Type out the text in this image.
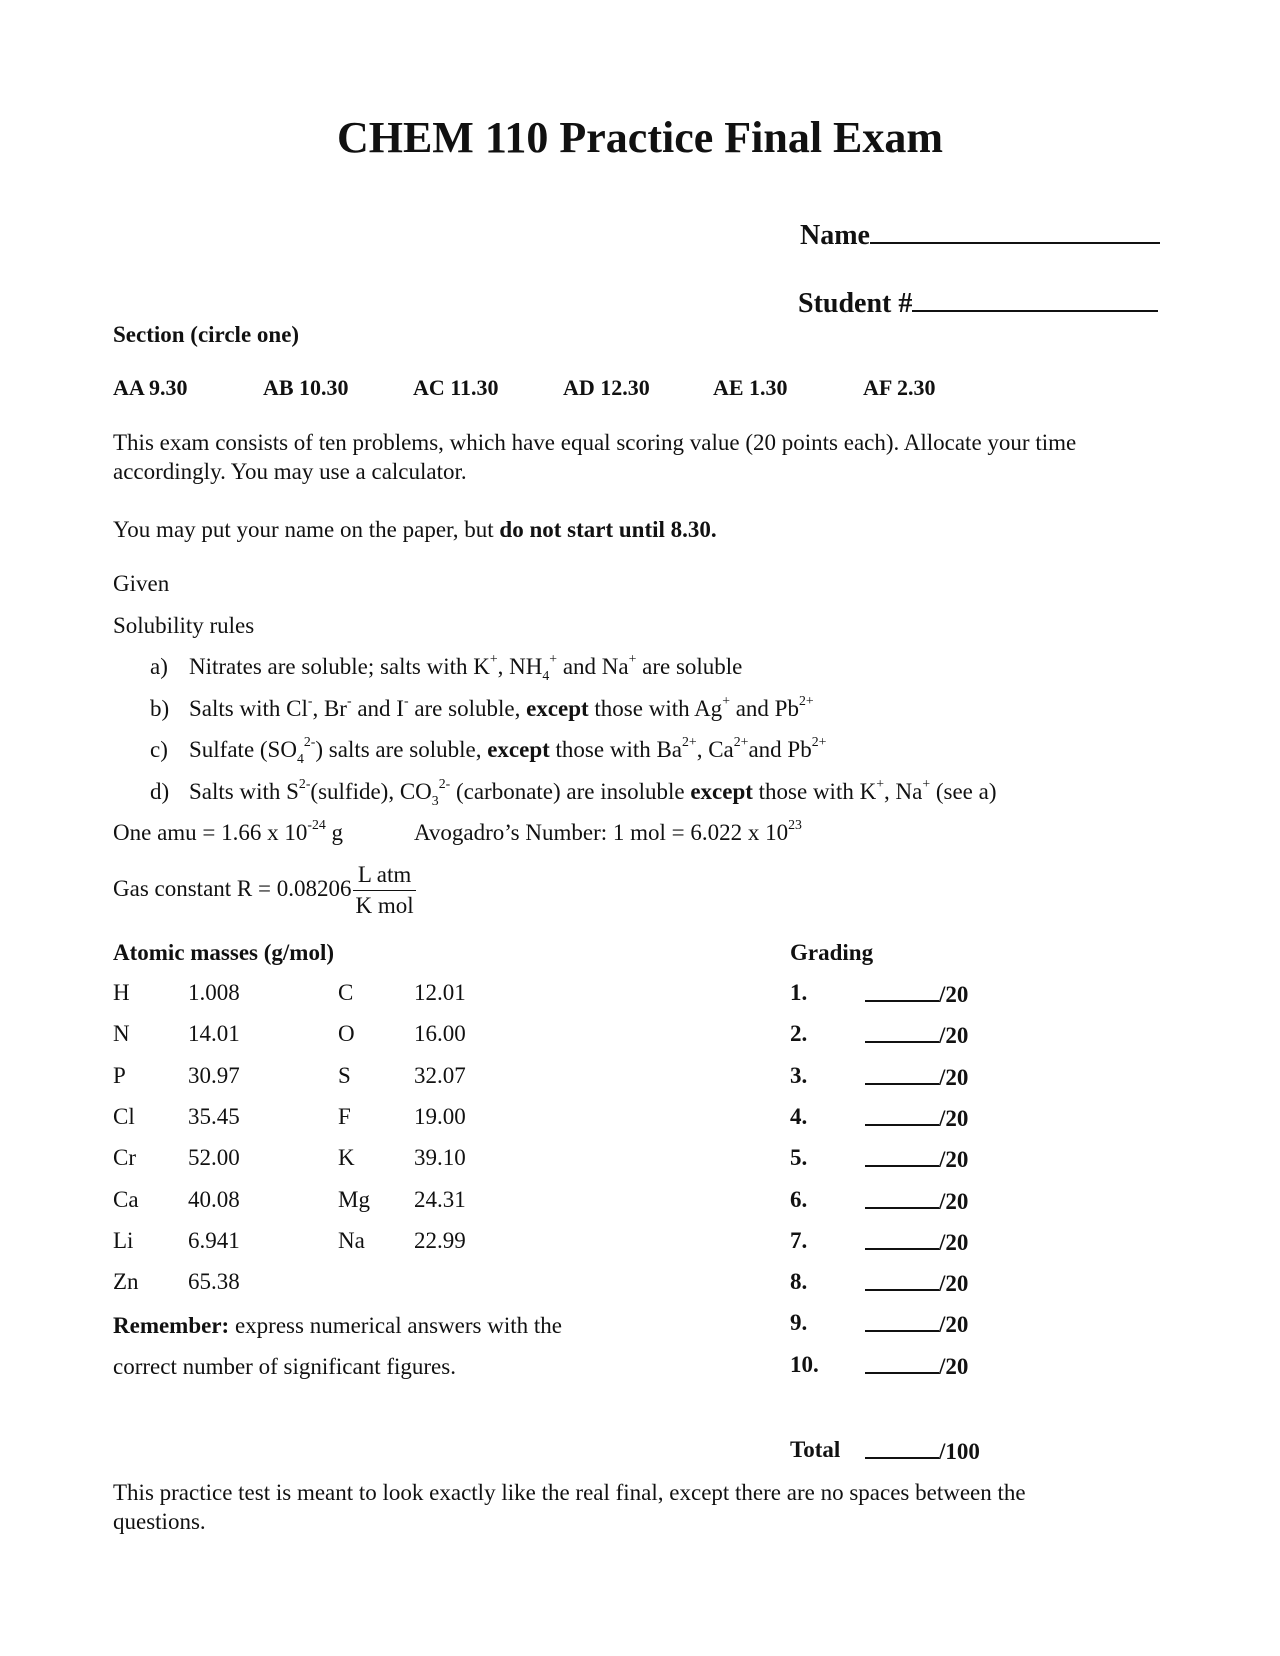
CHEM 110 Practice Final Exam
Name
Student #
Section (circle one)
AA 9.30	AB 10.30	AC 11.30	AD 12.30	AE 1.30	AF 2.30
This exam consists of ten problems, which have equal scoring value (20 points each). Allocate your time accordingly. You may use a calculator.
You may put your name on the paper, but do not start until 8.30.
Given
Solubility rules
a) Nitrates are soluble; salts with K+, $NH_4^+$ and Na+ are soluble
b) Salts with Cl-, Br- and I- are soluble, except those with Ag+ and $Pb^{2+}$
c) Sulfate $(SO_4^{2-})$ salts are soluble, except those with $Ba^{2+}$, $Ca^{2+}and$ $Pb^{2+}$
d) Salts with $S^{2-}(sulfide)$, $CO_3^{2-}$ (carbonate) are insoluble except those with K+, Na+ (see a)
One amu = 1.66 x $10^{-24}$ g	Avogadro’s Number: 1 mol = 6.022 x $10^{23}$
Gas constant $R = 0.08206 \frac{\text{L atm}}{\text{K mol}}$
Atomic masses (g/mol)	Grading
H	1.008	C	12.01
N	14.01	O	16.00
P	30.97	S	32.07
Cl 35.45	F	19.00
Cr 52.00	K	39.10
Ca 40.08	Mg 24.31
Li 6.941	Na 22.99
Zn 65.38
1.	/20
2.	/20
3.	/20
4.	/20
5.	/20
6.	/20
7.	/20
8.	/20
9.	/20
10.	/20
Remember: express numerical answers with the
correct number of significant figures.
Total	/100
This practice test is meant to look exactly like the real final, except there are no spaces between the questions.
